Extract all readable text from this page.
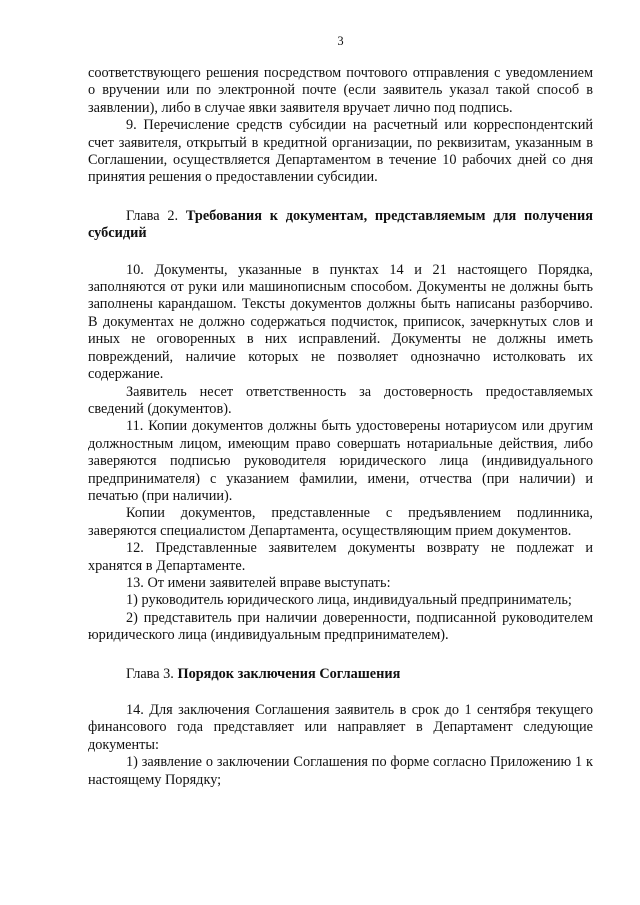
3

соответствующего решения посредством почтового отправления с уведомлением о вручении или по электронной почте (если заявитель указал такой способ в заявлении), либо в случае явки заявителя вручает лично под подпись.

9. Перечисление средств субсидии на расчетный или корреспондентский счет заявителя, открытый в кредитной организации, по реквизитам, указанным в Соглашении, осуществляется Департаментом в течение 10 рабочих дней со дня принятия решения о предоставлении субсидии.

Глава 2. Требования к документам, представляемым для получения субсидий

10. Документы, указанные в пунктах 14 и 21 настоящего Порядка, заполняются от руки или машинописным способом. Документы не должны быть заполнены карандашом. Тексты документов должны быть написаны разборчиво. В документах не должно содержаться подчисток, приписок, зачеркнутых слов и иных не оговоренных в них исправлений. Документы не должны иметь повреждений, наличие которых не позволяет однозначно истолковать их содержание.

Заявитель несет ответственность за достоверность предоставляемых сведений (документов).

11. Копии документов должны быть удостоверены нотариусом или другим должностным лицом, имеющим право совершать нотариальные действия, либо заверяются подписью руководителя юридического лица (индивидуального предпринимателя) с указанием фамилии, имени, отчества (при наличии) и печатью (при наличии).

Копии документов, представленные с предъявлением подлинника, заверяются специалистом Департамента, осуществляющим прием документов.

12. Представленные заявителем документы возврату не подлежат и хранятся в Департаменте.

13. От имени заявителей вправе выступать:

1) руководитель юридического лица, индивидуальный предприниматель;

2) представитель при наличии доверенности, подписанной руководителем юридического лица (индивидуальным предпринимателем).

Глава 3. Порядок заключения Соглашения

14. Для заключения Соглашения заявитель в срок до 1 сентября текущего финансового года представляет или направляет в Департамент следующие документы:

1) заявление о заключении Соглашения по форме согласно Приложению 1 к настоящему Порядку;
